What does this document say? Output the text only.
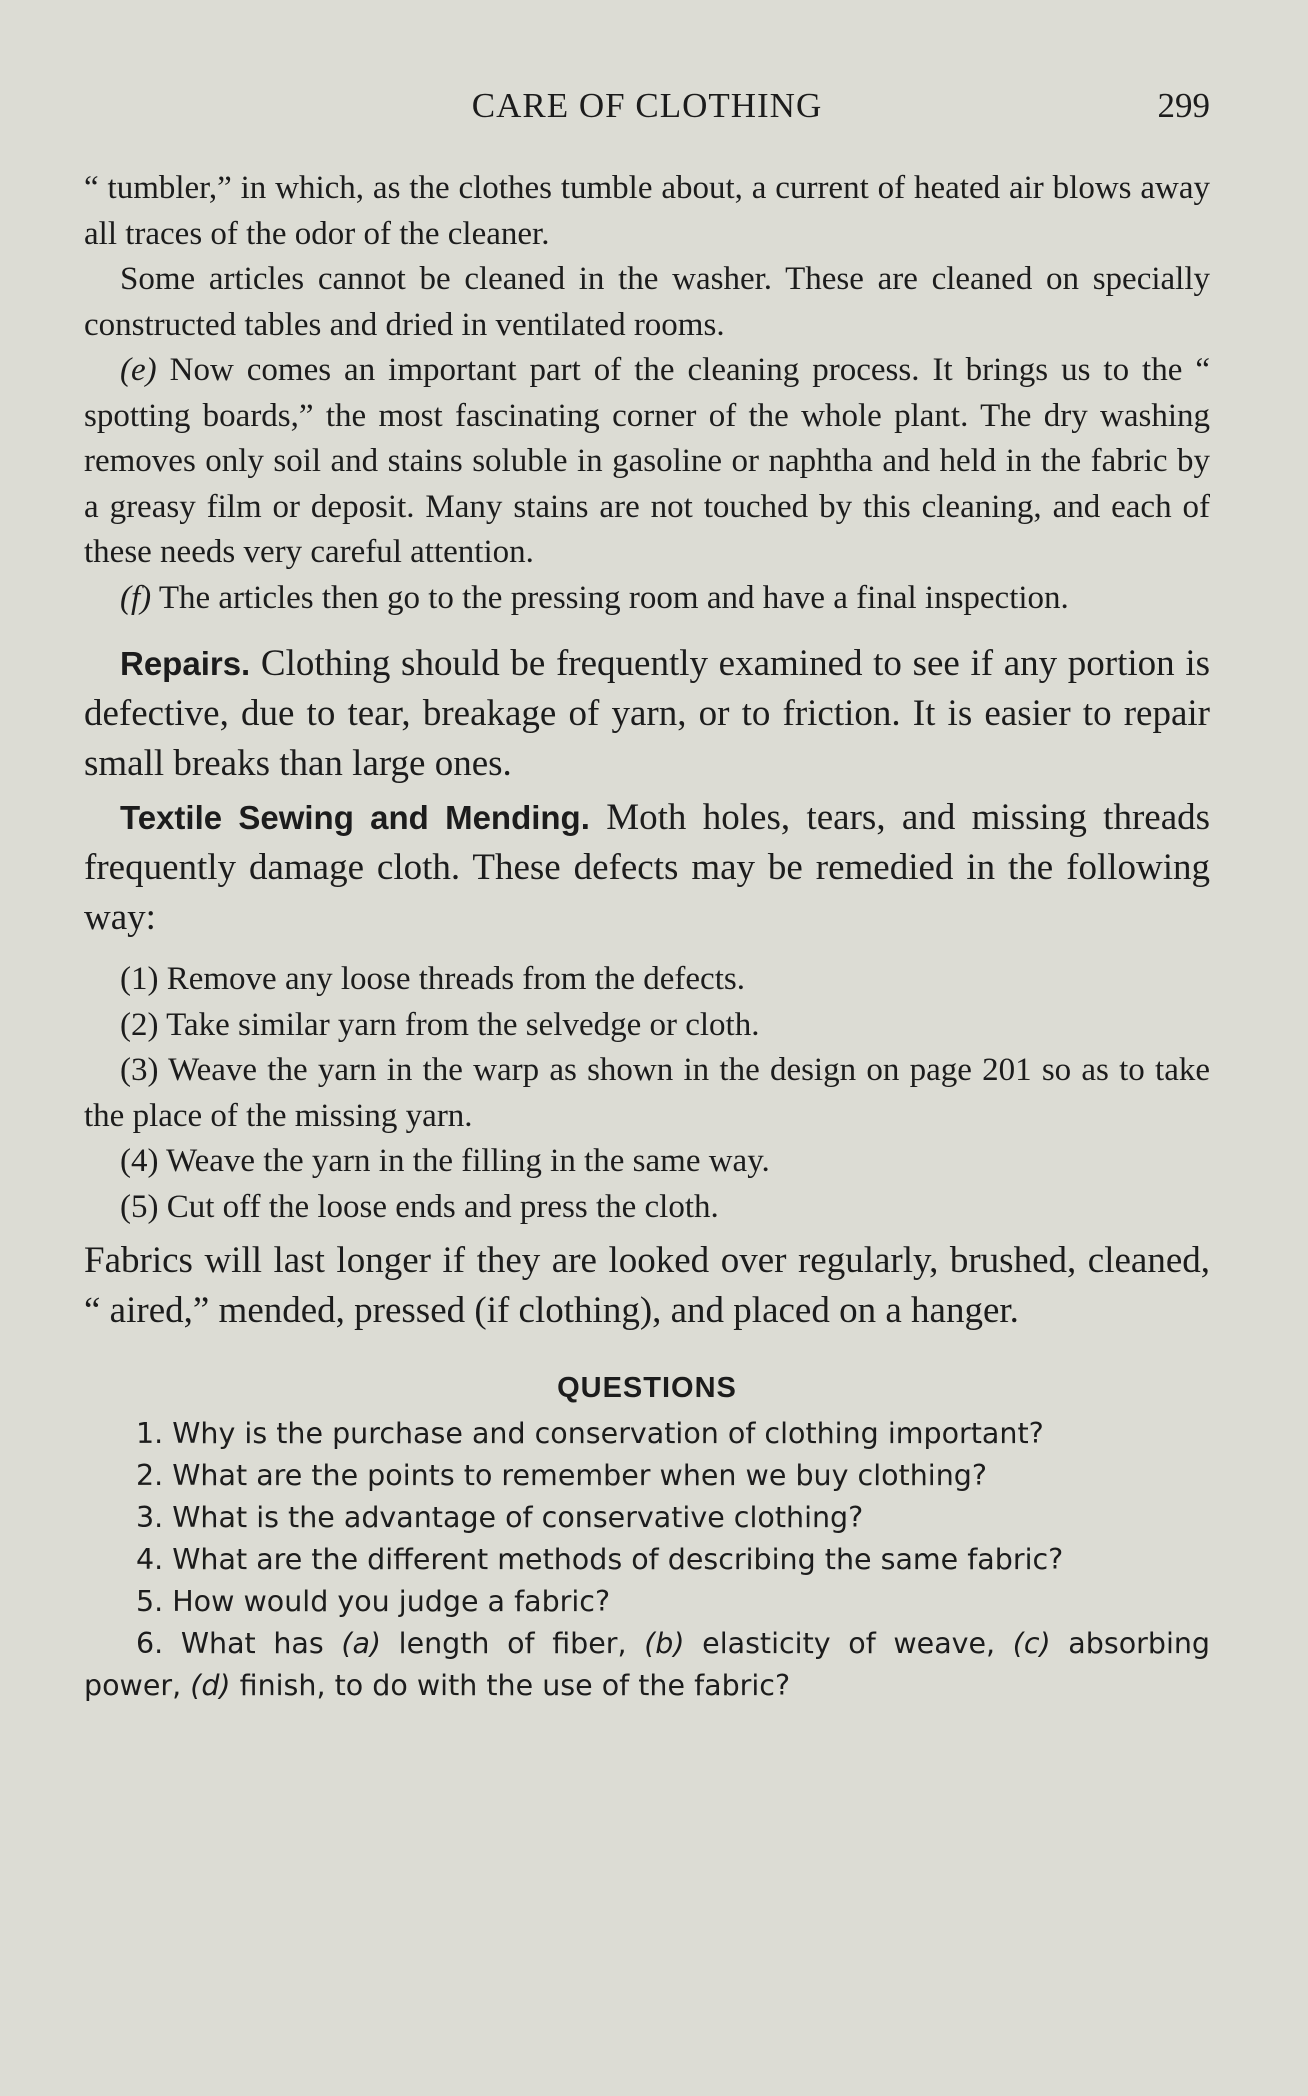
CARE OF CLOTHING	299

“ tumbler,” in which, as the clothes tumble about, a current of heated air blows away all traces of the odor of the cleaner.

Some articles cannot be cleaned in the washer. These are cleaned on specially constructed tables and dried in ventilated rooms.

(e) Now comes an important part of the cleaning process. It brings us to the “ spotting boards,” the most fascinating corner of the whole plant. The dry washing removes only soil and stains soluble in gasoline or naphtha and held in the fabric by a greasy film or deposit. Many stains are not touched by this cleaning, and each of these needs very careful attention.

(f) The articles then go to the pressing room and have a final inspection.

Repairs. Clothing should be frequently examined to see if any portion is defective, due to tear, breakage of yarn, or to friction. It is easier to repair small breaks than large ones.

Textile Sewing and Mending. Moth holes, tears, and missing threads frequently damage cloth. These defects may be remedied in the following way:

(1) Remove any loose threads from the defects.

(2) Take similar yarn from the selvedge or cloth.

(3) Weave the yarn in the warp as shown in the design on page 201 so as to take the place of the missing yarn.

(4) Weave the yarn in the filling in the same way.

(5) Cut off the loose ends and press the cloth.

Fabrics will last longer if they are looked over regularly, brushed, cleaned, “ aired,” mended, pressed (if clothing), and placed on a hanger.

QUESTIONS

1. Why is the purchase and conservation of clothing important?

2. What are the points to remember when we buy clothing?

3. What is the advantage of conservative clothing?

4. What are the different methods of describing the same fabric?

5. How would you judge a fabric?

6. What has (a) length of fiber, (b) elasticity of weave, (c) absorbing power, (d) finish, to do with the use of the fabric?
